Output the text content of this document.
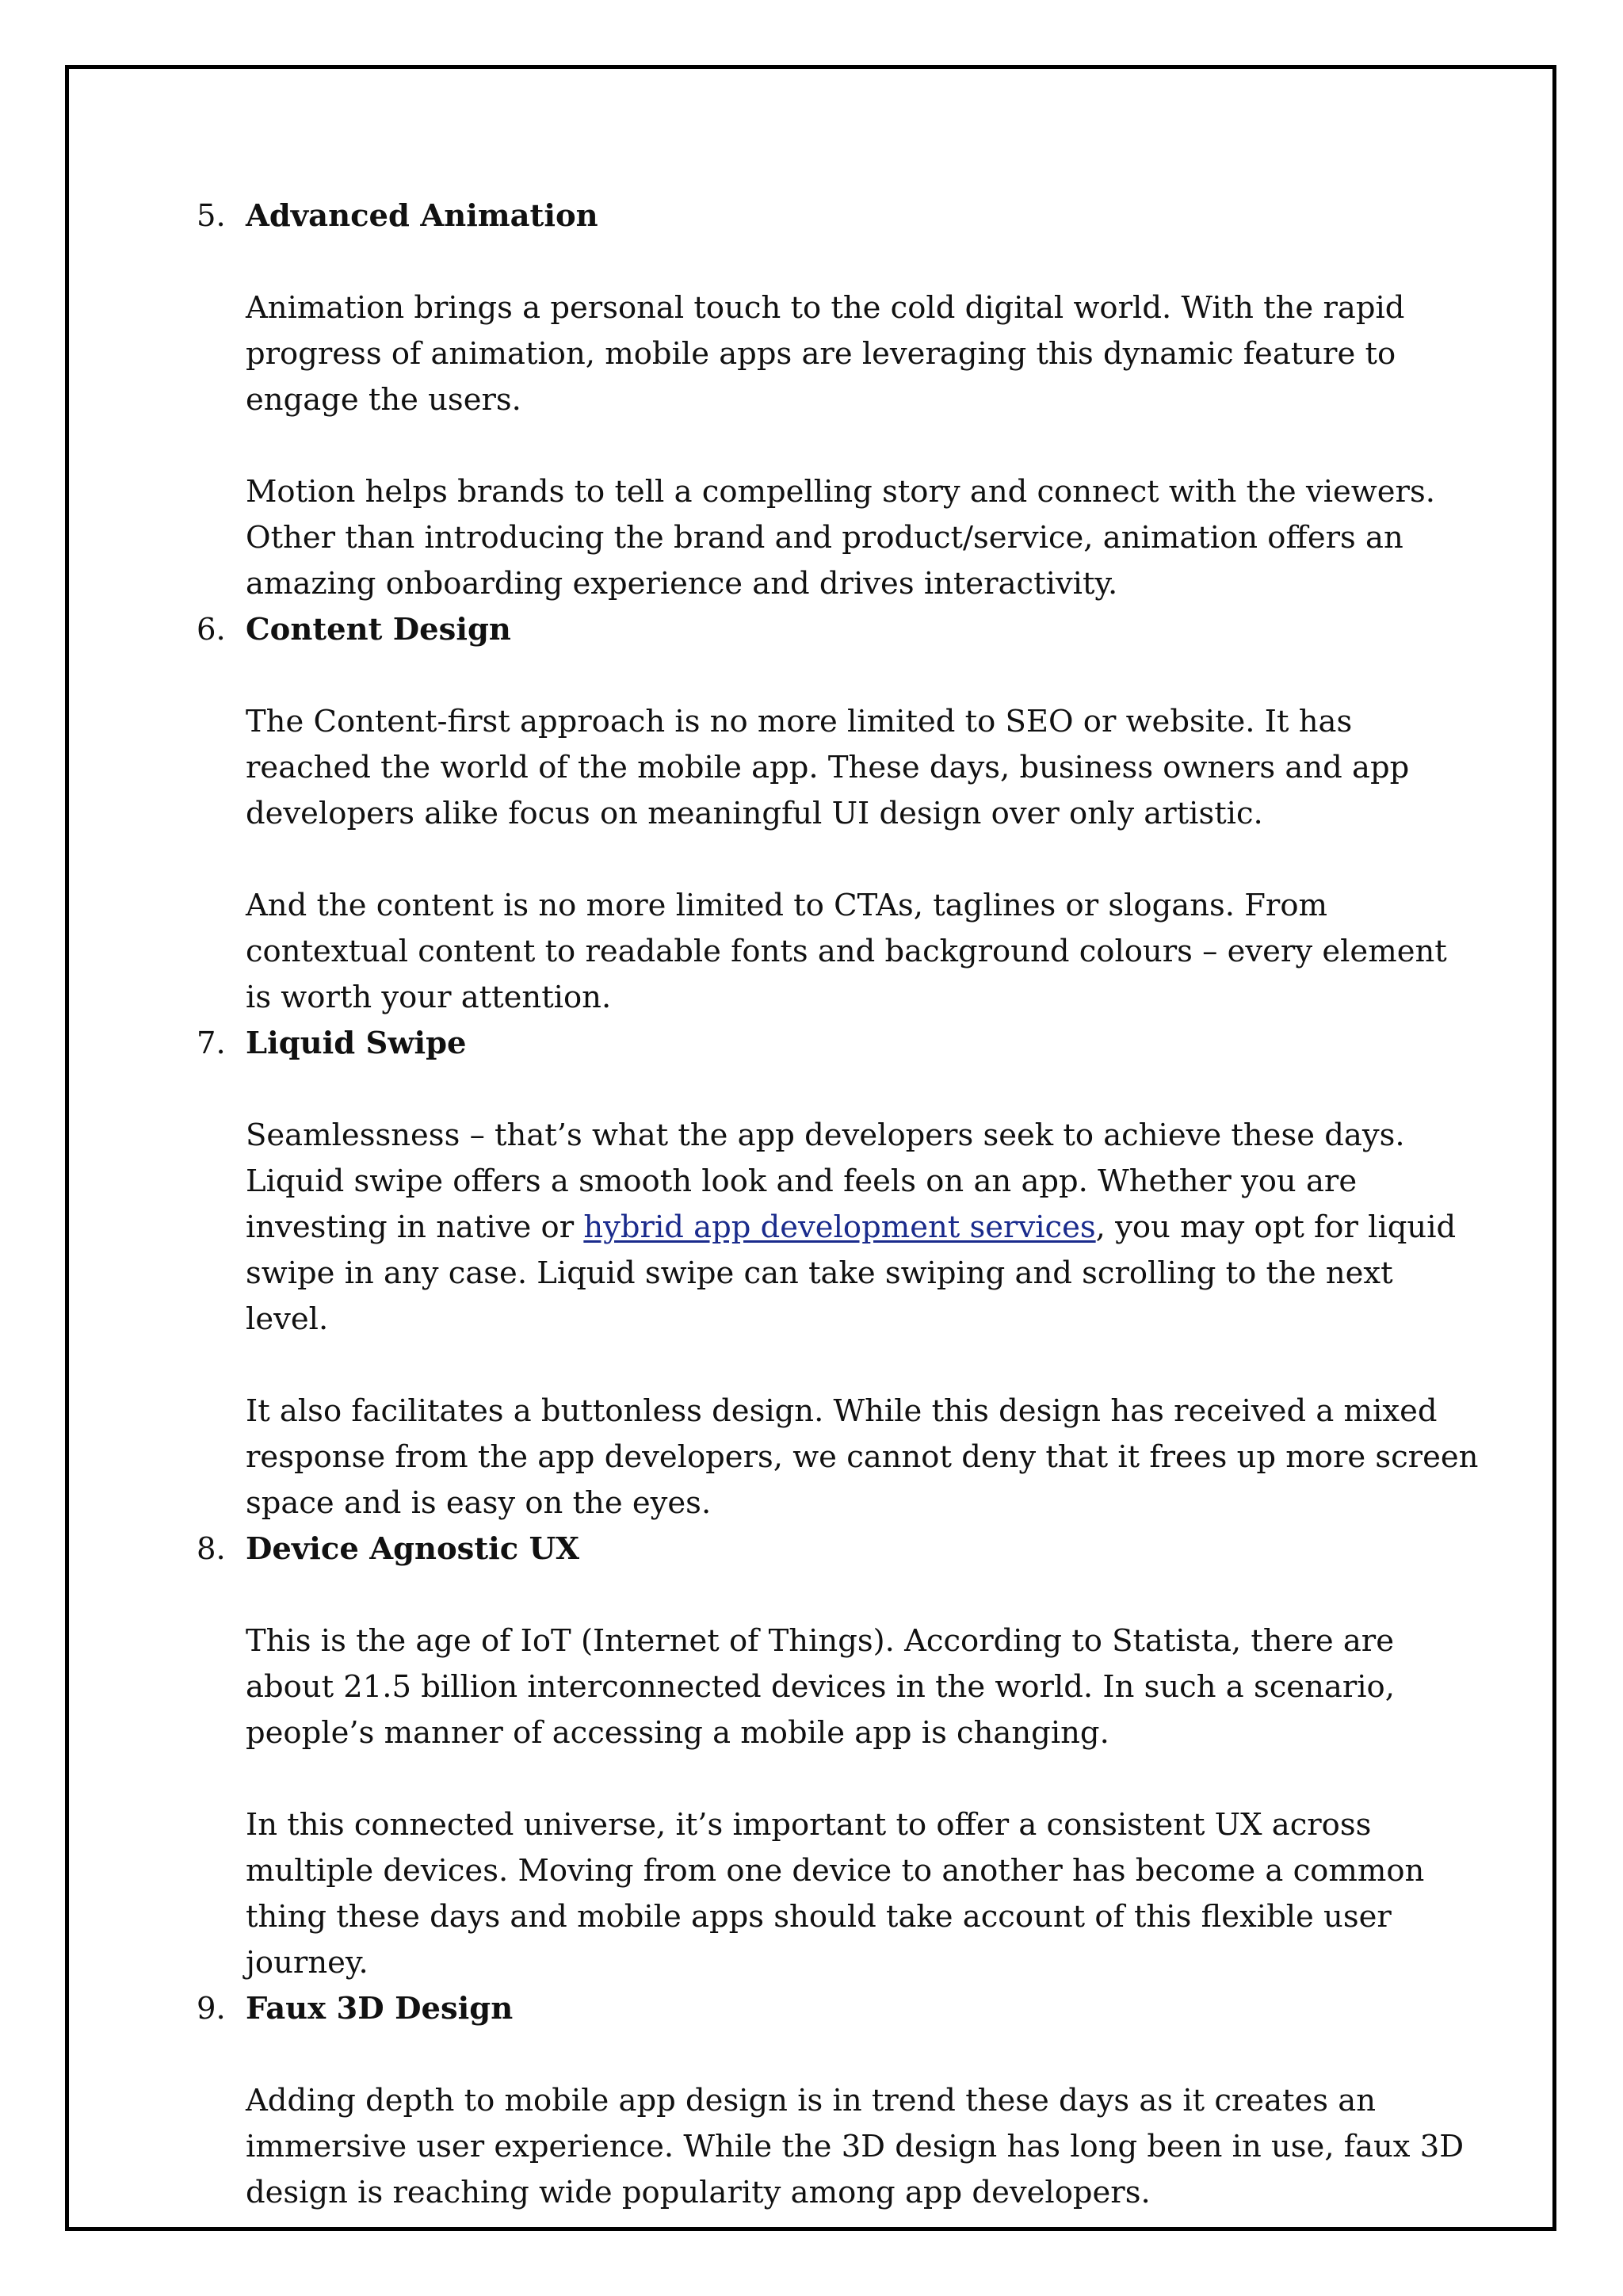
5. Advanced Animation

Animation brings a personal touch to the cold digital world. With the rapid progress of animation, mobile apps are leveraging this dynamic feature to engage the users.

Motion helps brands to tell a compelling story and connect with the viewers. Other than introducing the brand and product/service, animation offers an amazing onboarding experience and drives interactivity.

6. Content Design

The Content-first approach is no more limited to SEO or website. It has reached the world of the mobile app. These days, business owners and app developers alike focus on meaningful UI design over only artistic.

And the content is no more limited to CTAs, taglines or slogans. From contextual content to readable fonts and background colours – every element is worth your attention.

7. Liquid Swipe

Seamlessness – that’s what the app developers seek to achieve these days. Liquid swipe offers a smooth look and feels on an app. Whether you are investing in native or hybrid app development services, you may opt for liquid swipe in any case. Liquid swipe can take swiping and scrolling to the next level.

It also facilitates a buttonless design. While this design has received a mixed response from the app developers, we cannot deny that it frees up more screen space and is easy on the eyes.

8. Device Agnostic UX

This is the age of IoT (Internet of Things). According to Statista, there are about 21.5 billion interconnected devices in the world. In such a scenario, people’s manner of accessing a mobile app is changing.

In this connected universe, it’s important to offer a consistent UX across multiple devices. Moving from one device to another has become a common thing these days and mobile apps should take account of this flexible user journey.

9. Faux 3D Design

Adding depth to mobile app design is in trend these days as it creates an immersive user experience. While the 3D design has long been in use, faux 3D design is reaching wide popularity among app developers.
